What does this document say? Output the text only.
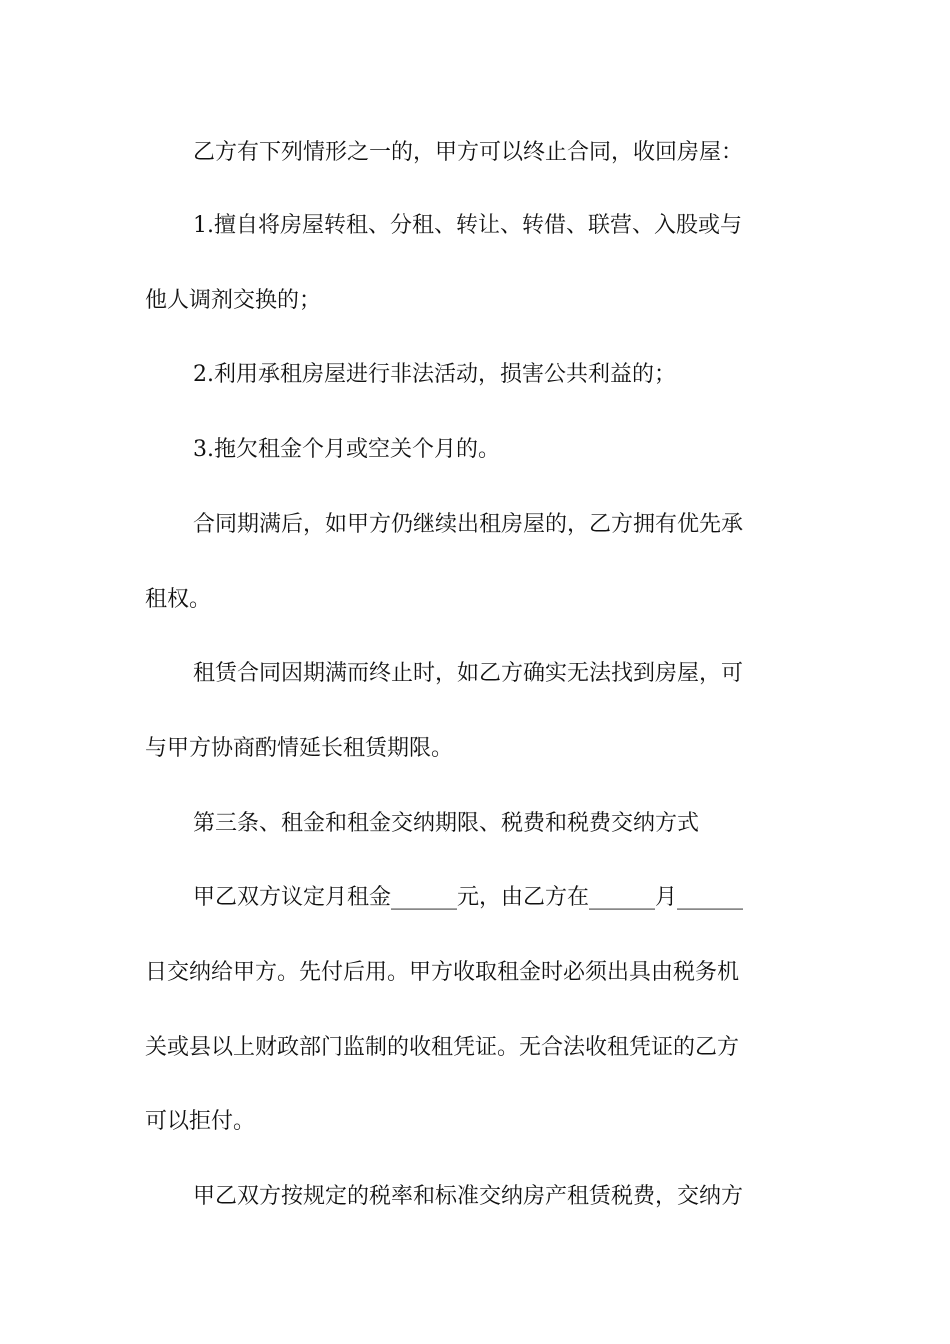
乙方有下列情形之一的，甲方可以终止合同，收回房屋：
1.擅自将房屋转租、分租、转让、转借、联营、入股或与
他人调剂交换的；
2.利用承租房屋进行非法活动，损害公共利益的；
3.拖欠租金个月或空关个月的。
合同期满后，如甲方仍继续出租房屋的，乙方拥有优先承
租权。
租赁合同因期满而终止时，如乙方确实无法找到房屋，可
与甲方协商酌情延长租赁期限。
第三条、租金和租金交纳期限、税费和税费交纳方式
甲乙双方议定月租金______元，由乙方在______月______
日交纳给甲方。先付后用。甲方收取租金时必须出具由税务机
关或县以上财政部门监制的收租凭证。无合法收租凭证的乙方
可以拒付。
甲乙双方按规定的税率和标准交纳房产租赁税费，交纳方
